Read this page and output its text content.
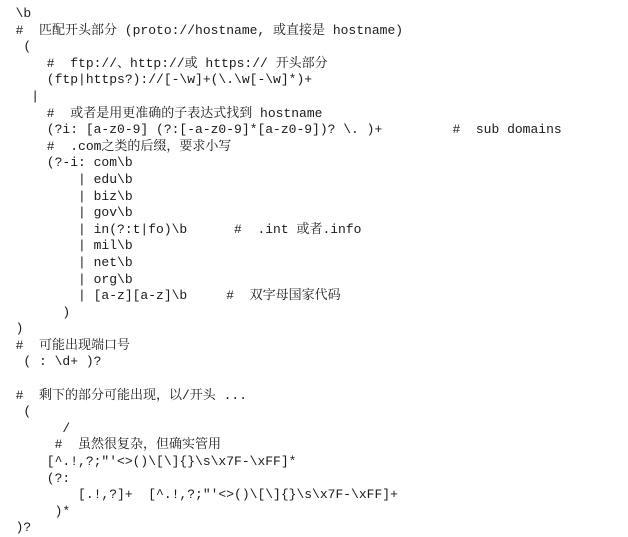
\b
#  匹配开头部分 (proto://hostname, 或直接是 hostname)
(
#  ftp://、http://或 https:// 开头部分
(ftp|https?)://[-\w]+(\.\w[-\w]*)+
|
#  或者是用更准确的子表达式找到 hostname
(?i: [a-z0-9] (?:[-a-z0-9]*[a-z0-9])? \. )+         #  sub domains
#  .com之类的后缀，要求小写
(?-i: com\b
| edu\b
| biz\b
| gov\b
| in(?:t|fo)\b      #  .int 或者.info
| mil\b
| net\b
| org\b
| [a-z][a-z]\b     #  双字母国家代码
)
)
#  可能出现端口号
( : \d+ )?
#  剩下的部分可能出现，以/开头 ...
(
/
#  虽然很复杂，但确实管用
[^.!,?;"'<>()\[\]{}\s\x7F-\xFF]*
(?:
[.!,?]+  [^.!,?;"'<>()\[\]{}\s\x7F-\xFF]+
)*
)?
